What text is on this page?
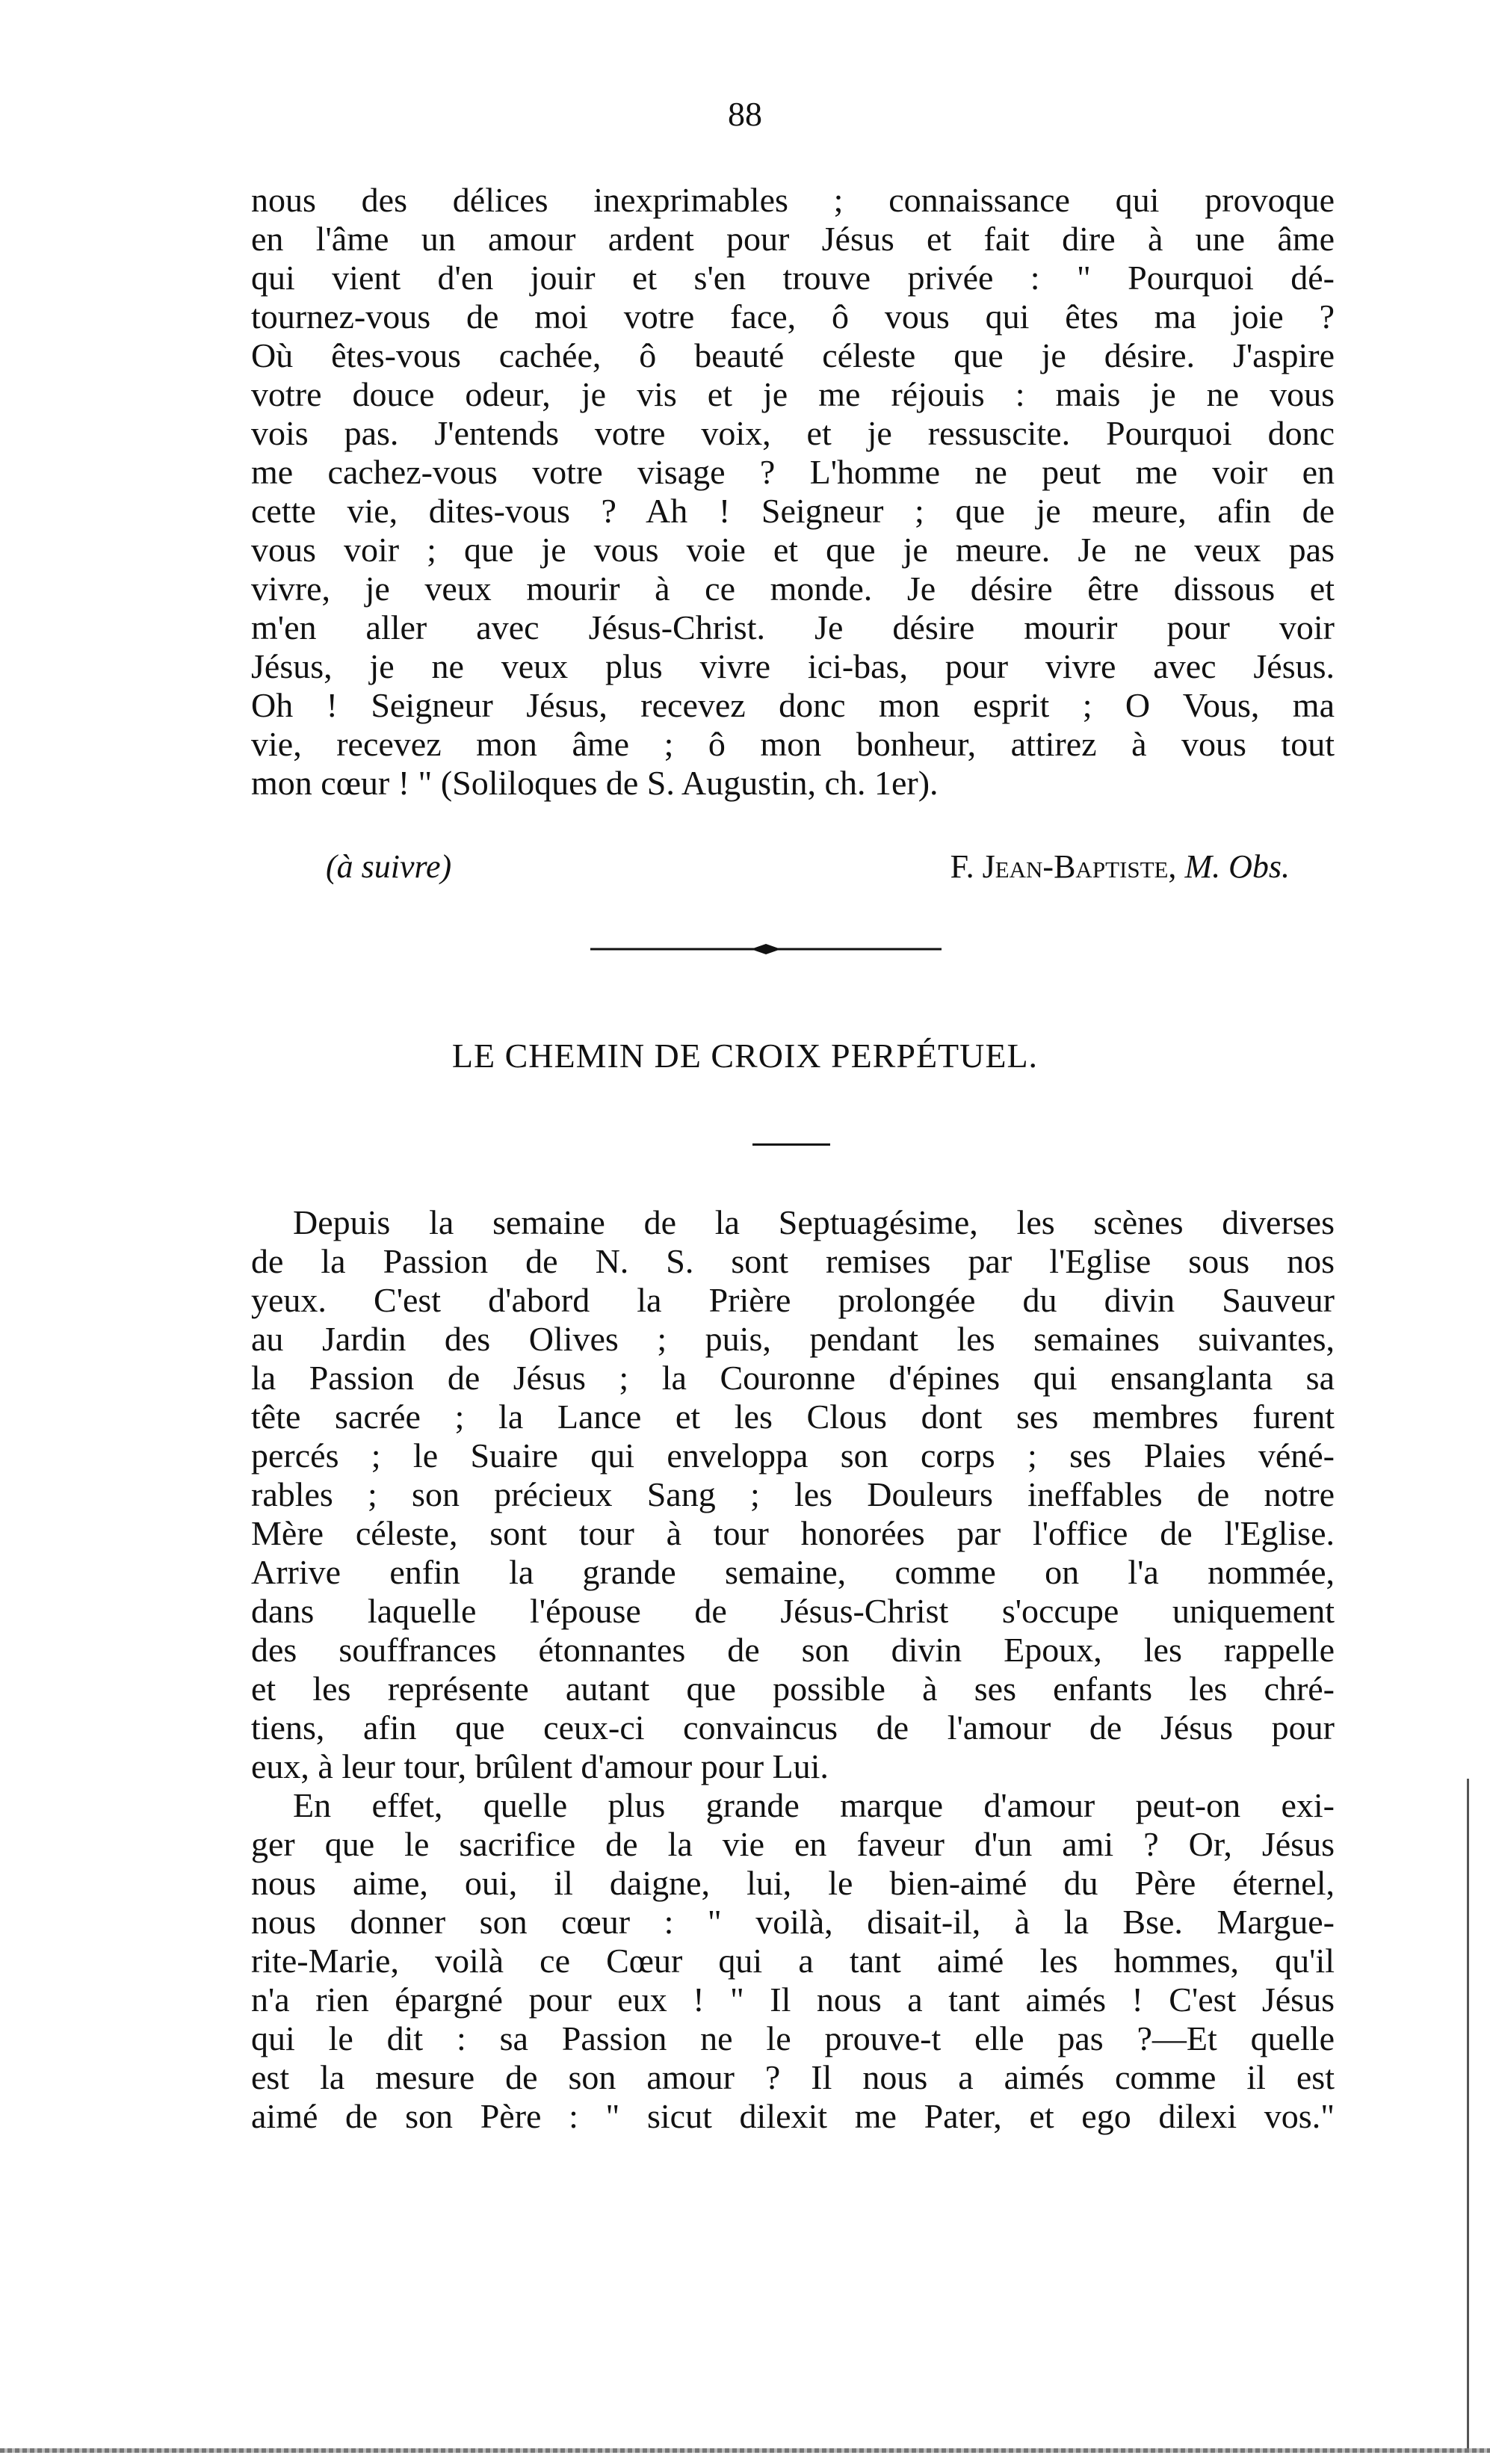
88
nous des délices inexprimables ; connaissance qui provoque
en l'âme un amour ardent pour Jésus et fait dire à une âme
qui vient d'en jouir et s'en trouve privée : " Pourquoi dé-
tournez-vous de moi votre face, ô vous qui êtes ma joie ?
Où êtes-vous cachée, ô beauté céleste que je désire. J'aspire
votre douce odeur, je vis et je me réjouis : mais je ne vous
vois pas. J'entends votre voix, et je ressuscite. Pourquoi donc
me cachez-vous votre visage ? L'homme ne peut me voir en
cette vie, dites-vous ? Ah ! Seigneur ; que je meure, afin de
vous voir ; que je vous voie et que je meure. Je ne veux pas
vivre, je veux mourir à ce monde. Je désire être dissous et
m'en aller avec Jésus-Christ. Je désire mourir pour voir
Jésus, je ne veux plus vivre ici-bas, pour vivre avec Jésus.
Oh ! Seigneur Jésus, recevez donc mon esprit ; O Vous, ma
vie, recevez mon âme ; ô mon bonheur, attirez à vous tout
mon cœur ! " (Soliloques de S. Augustin, ch. 1er).
(à suivre)	F. Jean-Baptiste, M. Obs.
LE CHEMIN DE CROIX PERPÉTUEL.
Depuis la semaine de la Septuagésime, les scènes diverses
de la Passion de N. S. sont remises par l'Eglise sous nos
yeux. C'est d'abord la Prière prolongée du divin Sauveur
au Jardin des Olives ; puis, pendant les semaines suivantes,
la Passion de Jésus ; la Couronne d'épines qui ensanglanta sa
tête sacrée ; la Lance et les Clous dont ses membres furent
percés ; le Suaire qui enveloppa son corps ; ses Plaies véné-
rables ; son précieux Sang ; les Douleurs ineffables de notre
Mère céleste, sont tour à tour honorées par l'office de l'Eglise.
Arrive enfin la grande semaine, comme on l'a nommée,
dans laquelle l'épouse de Jésus-Christ s'occupe uniquement
des souffrances étonnantes de son divin Epoux, les rappelle
et les représente autant que possible à ses enfants les chré-
tiens, afin que ceux-ci convaincus de l'amour de Jésus pour
eux, à leur tour, brûlent d'amour pour Lui.
En effet, quelle plus grande marque d'amour peut-on exi-
ger que le sacrifice de la vie en faveur d'un ami ? Or, Jésus
nous aime, oui, il daigne, lui, le bien-aimé du Père éternel,
nous donner son cœur : " voilà, disait-il, à la Bse. Margue-
rite-Marie, voilà ce Cœur qui a tant aimé les hommes, qu'il
n'a rien épargné pour eux ! " Il nous a tant aimés ! C'est Jésus
qui le dit : sa Passion ne le prouve-t elle pas ?—Et quelle
est la mesure de son amour ? Il nous a aimés comme il est
aimé de son Père : " sicut dilexit me Pater, et ego dilexi vos."
